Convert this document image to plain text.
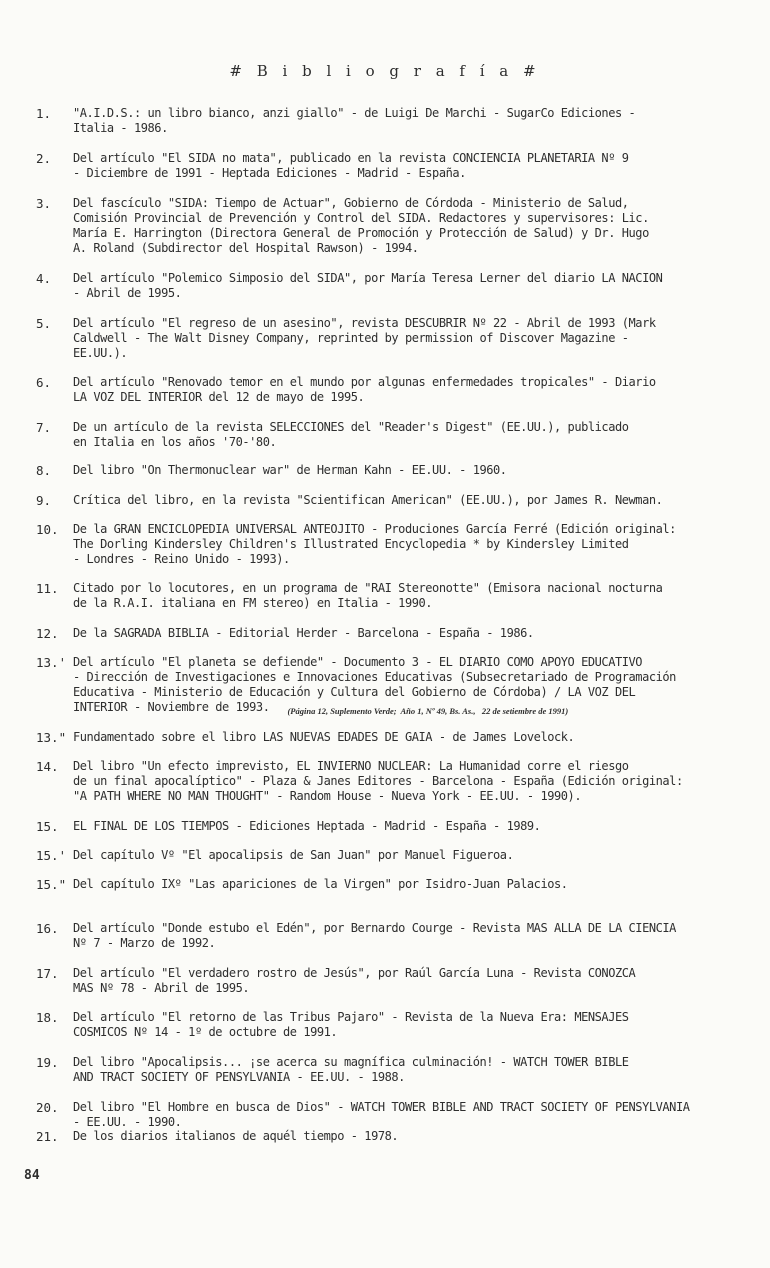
# B i b l i o g r a f í a #
1. "A.I.D.S.: un libro bianco, anzi giallo" - de Luigi De Marchi - SugarCo Ediciones -
Italia - 1986.
2. Del artículo "El SIDA no mata", publicado en la revista CONCIENCIA PLANETARIA Nº 9
- Diciembre de 1991 - Heptada Ediciones - Madrid - España.
3. Del fascículo "SIDA: Tiempo de Actuar", Gobierno de Córdoda - Ministerio de Salud,
Comisión Provincial de Prevención y Control del SIDA. Redactores y supervisores: Lic.
María E. Harrington (Directora General de Promoción y Protección de Salud) y Dr. Hugo
A. Roland (Subdirector del Hospital Rawson) - 1994.
4. Del artículo "Polemico Simposio del SIDA", por María Teresa Lerner del diario LA NACION
- Abril de 1995.
5. Del artículo "El regreso de un asesino", revista DESCUBRIR Nº 22 - Abril de 1993 (Mark
Caldwell - The Walt Disney Company, reprinted by permission of Discover Magazine -
EE.UU.).
6. Del artículo "Renovado temor en el mundo por algunas enfermedades tropicales" - Diario
LA VOZ DEL INTERIOR del 12 de mayo de 1995.
7. De un artículo de la revista SELECCIONES del "Reader's Digest" (EE.UU.), publicado
en Italia en los años '70-'80.
8. Del libro "On Thermonuclear war" de Herman Kahn - EE.UU. - 1960.
9. Crítica del libro, en la revista "Scientifican American" (EE.UU.), por James R. Newman.
10. De la GRAN ENCICLOPEDIA UNIVERSAL ANTEOJITO - Produciones García Ferré (Edición original:
The Dorling Kindersley Children's Illustrated Encyclopedia * by Kindersley Limited
- Londres - Reino Unido - 1993).
11. Citado por lo locutores, en un programa de "RAI Stereonotte" (Emisora nacional nocturna
de la R.A.I. italiana en FM stereo) en Italia - 1990.
12. De la SAGRADA BIBLIA - Editorial Herder - Barcelona - España - 1986.
13.' Del artículo "El planeta se defiende" - Documento 3 - EL DIARIO COMO APOYO EDUCATIVO
- Dirección de Investigaciones e Innovaciones Educativas (Subsecretariado de Programación
Educativa - Ministerio de Educación y Cultura del Gobierno de Córdoba) / LA VOZ DEL
INTERIOR - Noviembre de 1993. $_{(Página 12, Suplemento Verde; Año 1, Nº 49, Bs. As., 22 de setiembre de 1991)}$
13." Fundamentado sobre el libro LAS NUEVAS EDADES DE GAIA - de James Lovelock.
14. Del libro "Un efecto imprevisto, EL INVIERNO NUCLEAR: La Humanidad corre el riesgo
de un final apocalíptico" - Plaza & Janes Editores - Barcelona - España (Edición original:
"A PATH WHERE NO MAN THOUGHT" - Random House - Nueva York - EE.UU. - 1990).
15. EL FINAL DE LOS TIEMPOS - Ediciones Heptada - Madrid - España - 1989.
15.' Del capítulo Vº "El apocalipsis de San Juan" por Manuel Figueroa.
15." Del capítulo IXº "Las apariciones de la Virgen" por Isidro-Juan Palacios.
16. Del artículo "Donde estubo el Edén", por Bernardo Courge - Revista MAS ALLA DE LA CIENCIA
Nº 7 - Marzo de 1992.
17. Del artículo "El verdadero rostro de Jesús", por Raúl García Luna - Revista CONOZCA
MAS Nº 78 - Abril de 1995.
18. Del artículo "El retorno de las Tribus Pajaro" - Revista de la Nueva Era: MENSAJES
COSMICOS Nº 14 - 1º de octubre de 1991.
19. Del libro "Apocalipsis... ¡se acerca su magnífica culminación! - WATCH TOWER BIBLE
AND TRACT SOCIETY OF PENSYLVANIA - EE.UU. - 1988.
20. Del libro "El Hombre en busca de Dios" - WATCH TOWER BIBLE AND TRACT SOCIETY OF PENSYLVANIA
- EE.UU. - 1990.
21. De los diarios italianos de aquél tiempo - 1978.
84
